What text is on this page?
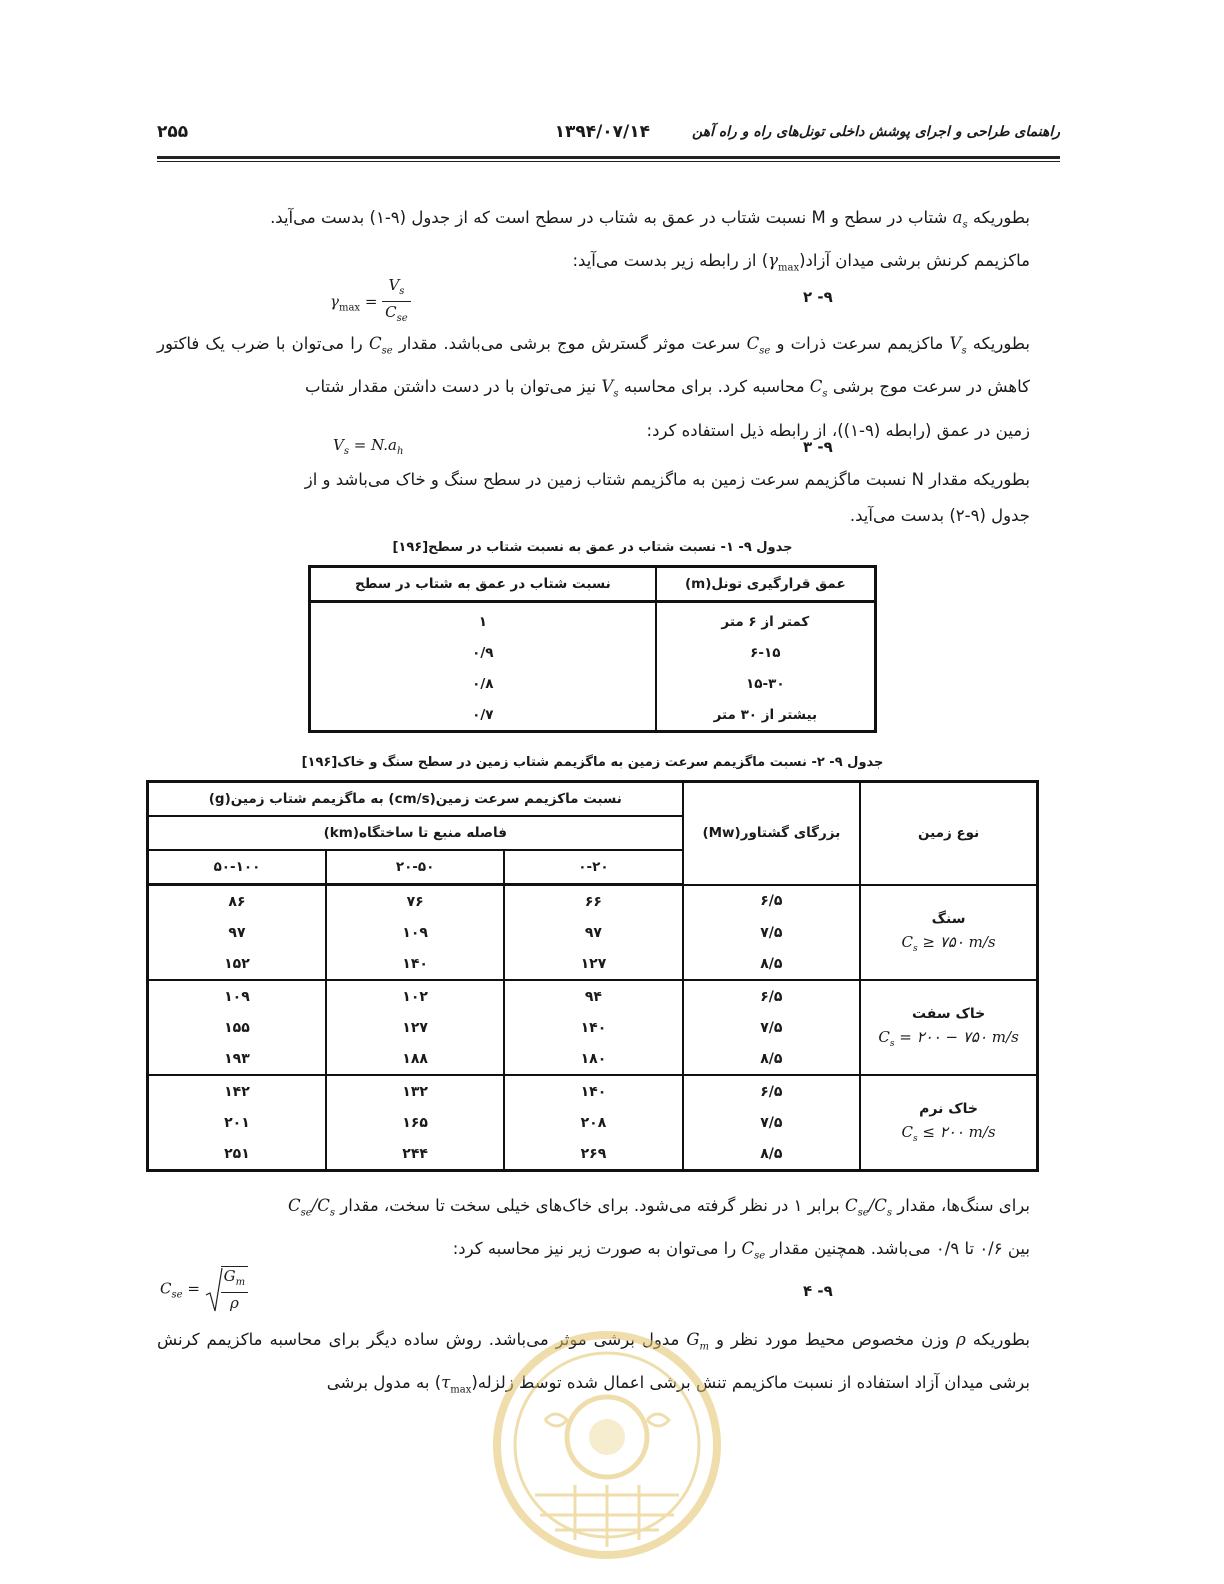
راهنمای طراحی و اجرای پوشش داخلی تونل‌های راه و راه آهن
۱۳۹۴/۰۷/۱۴
۲۵۵
بطوریکه $a_s$ شتاب در سطح و M نسبت شتاب در عمق به شتاب در سطح است که از جدول (۹-۱) بدست می‌آید.
ماکزیمم کرنش برشی میدان $آزاد(\gamma_{max})$ از رابطه زیر بدست می‌آید:
$\gamma_{max} = \frac{V_s}{C_{se}}$	۹- ۲
بطوریکه $V_s$ ماکزیمم سرعت ذرات و $C_{se}$ سرعت موثر گسترش موج برشی می‌باشد. مقدار $C_{se}$ را می‌توان با ضرب یک فاکتور کاهش در سرعت موج برشی $C_s$ محاسبه کرد. برای محاسبه $V_s$ نیز می‌توان با در دست داشتن مقدار شتاب
زمین در عمق (رابطه (۹-۱))، از رابطه ذیل استفاده کرد:
$V_s = N.a_h$	۹- ۳
بطوریکه مقدار N نسبت ماگزیمم سرعت زمین به ماگزیمم شتاب زمین در سطح سنگ و خاک می‌باشد و از
جدول (۹-۲) بدست می‌آید.
جدول ۹- ۱- نسبت شتاب در عمق به نسبت شتاب در سطح[۱۹۶]
عمق قرارگیری تونل(m)	نسبت شتاب در عمق به شتاب در سطح
کمتر از ۶ متر	۱
۶-۱۵	۰/۹
۱۵-۳۰	۰/۸
بیشتر از ۳۰ متر	۰/۷
جدول ۹- ۲- نسبت ماگزیمم سرعت زمین به ماگزیمم شتاب زمین در سطح سنگ و خاک[۱۹۶]
نوع زمین	بزرگای گشتاور(Mw)	نسبت ماکزیمم سرعت زمین(cm/s) به ماگزیمم شتاب زمین(g)		
		فاصله منبع تا ساختگاه(km)		
		۰-۲۰	۲۰-۵۰	۵۰-۱۰۰
سنگ
$C_s$ ≥ ۷۵۰ m/s	۶/۵	۶۶	۷۶	۸۶
	۷/۵	۹۷	۱۰۹	۹۷
	۸/۵	۱۲۷	۱۴۰	۱۵۲
خاک سفت
$C_s$ = ۲۰۰ − ۷۵۰ m/s	۶/۵	۹۴	۱۰۲	۱۰۹
	۷/۵	۱۴۰	۱۲۷	۱۵۵
	۸/۵	۱۸۰	۱۸۸	۱۹۳
خاک نرم
$C_s$ ≤ ۲۰۰ m/s	۶/۵	۱۴۰	۱۳۲	۱۴۲
	۷/۵	۲۰۸	۱۶۵	۲۰۱
	۸/۵	۲۶۹	۲۴۴	۲۵۱
برای سنگ‌ها، مقدار $C_{se}/C_s$ برابر ۱ در نظر گرفته می‌شود. برای خاک‌های خیلی سخت تا سخت، مقدار $C_{se}/C_s$
بین ۰/۶ تا ۰/۹ می‌باشد. همچنین مقدار $C_{se}$ را می‌توان به صورت زیر نیز محاسبه کرد:
$C_{se} = \frac{G_m}{\rho}$	۹- ۴
بطوریکه ρ وزن مخصوص محیط مورد نظر و $G_m$ مدول برشی موثر می‌باشد. روش ساده دیگر برای محاسبه ماکزیمم کرنش برشی میدان آزاد استفاده از نسبت ماکزیمم تنش برشی اعمال شده توسط $زلزله(\tau_{max})$ به مدول برشی
